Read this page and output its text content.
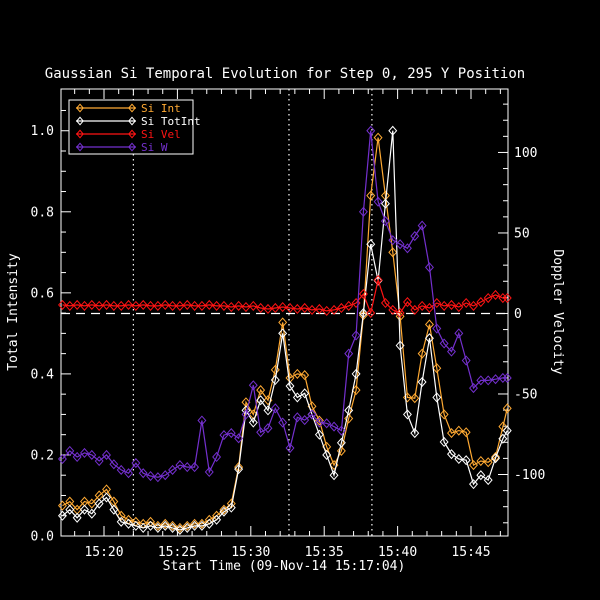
Gaussian Si Temporal Evolution for Step 0, 295 Y Position
Start Time (09-Nov-14 15:17:04)
Total Intensity	Doppler Velocity
15:20	15:25	15:30	15:35	15:40	15:45
0.0
0.2
0.4
0.6
0.8
1.0
-100
-50
0
50
100
Si Int
Si TotInt
Si Vel
Si W
